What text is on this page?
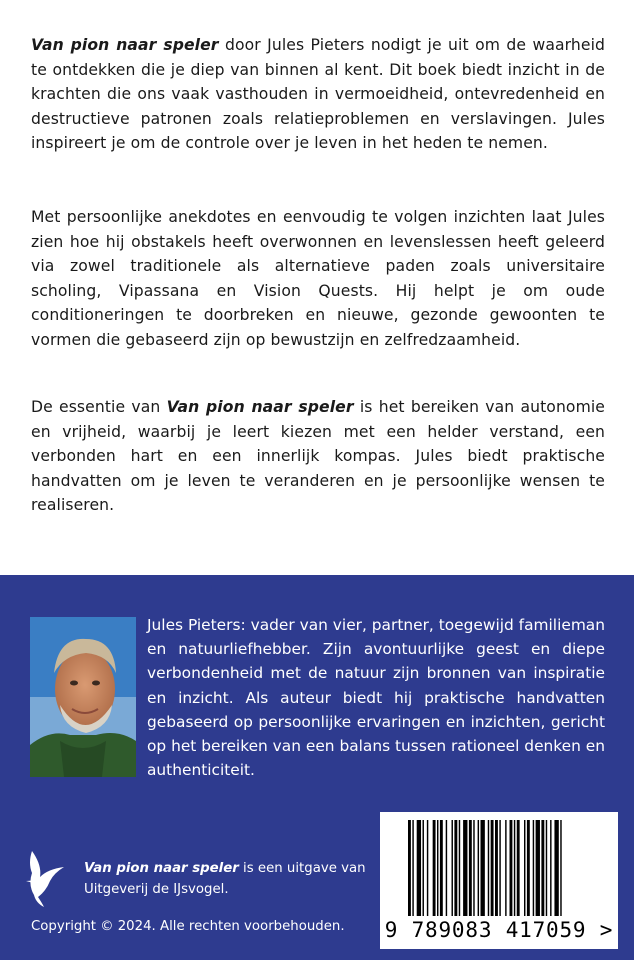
Van pion naar speler door Jules Pieters nodigt je uit om de waarheid te ontdekken die je diep van binnen al kent. Dit boek biedt inzicht in de krachten die ons vaak vasthouden in vermoeidheid, ontevredenheid en destructieve patronen zoals relatieproblemen en verslavingen. Jules inspireert je om de controle over je leven in het heden te nemen.

Met persoonlijke anekdotes en eenvoudig te volgen inzichten laat Jules zien hoe hij obstakels heeft overwonnen en levenslessen heeft geleerd via zowel traditionele als alternatieve paden zoals universitaire scholing, Vipassana en Vision Quests. Hij helpt je om oude conditioneringen te doorbreken en nieuwe, gezonde gewoonten te vormen die gebaseerd zijn op bewustzijn en zelfredzaamheid.

De essentie van Van pion naar speler is het bereiken van autonomie en vrijheid, waarbij je leert kiezen met een helder verstand, een verbonden hart en een innerlijk kompas. Jules biedt praktische handvatten om je leven te veranderen en je persoonlijke wensen te realiseren.

Jules Pieters: vader van vier, partner, toegewijd familieman en natuurliefhebber. Zijn avontuurlijke geest en diepe verbondenheid met de natuur zijn bronnen van inspiratie en inzicht. Als auteur biedt hij praktische handvatten gebaseerd op persoonlijke ervaringen en inzichten, gericht op het bereiken van een balans tussen rationeel denken en authenticiteit.

Van pion naar speler is een uitgave van Uitgeverij de IJsvogel.

Copyright © 2024. Alle rechten voorbehouden. 9 789083 417059 >
